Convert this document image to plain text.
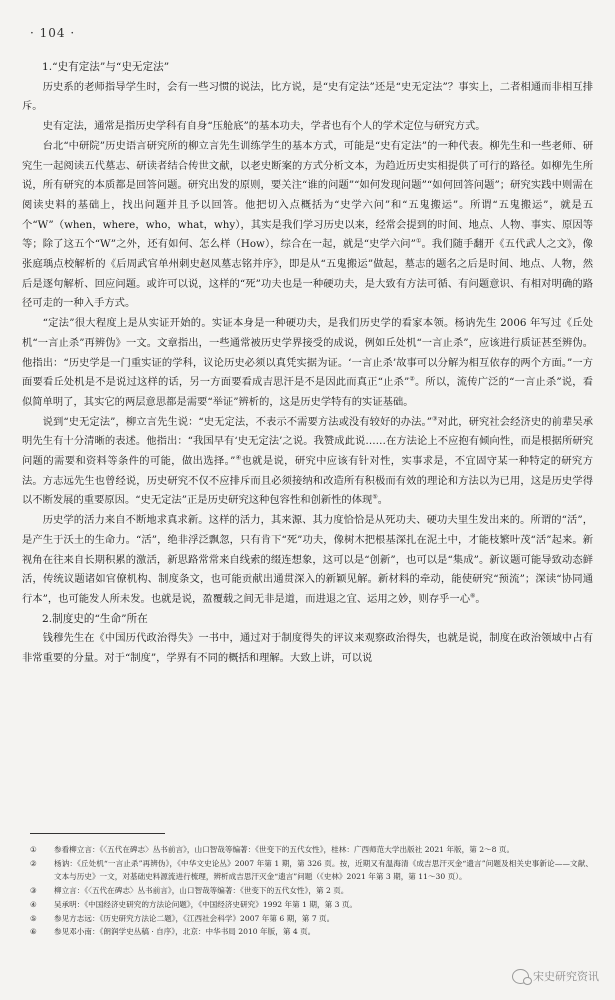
· 104 ·
1.“史有定法”与“史无定法”

历史系的老师指导学生时，会有一些习惯的说法，比方说，是“史有定法”还是“史无定法”？事实上，二者相通而非相互排斥。

史有定法，通常是指历史学科有自身“压舱底”的基本功夫，学者也有个人的学术定位与研究方式。

台北“中研院”历史语言研究所的柳立言先生训练学生的基本方式，可能是“史有定法”的一种代表。柳先生和一些老师、研究生一起阅读五代墓志、研读者结合传世文献，以老史断案的方式分析文本，为趋近历史实相提供了可行的路径。如柳先生所说，所有研究的本质都是回答问题。研究出发的原则，要关注“谁的问题”“如何发现问题”“如何回答问题”；研究实践中则需在阅读史料的基础上，找出问题并且予以回答。他把切入点概括为“史学六问”和“五鬼搬运”。所谓“五鬼搬运”，就是五个“W”（when，where，who，what，why），其实是我们学习历史以来，经常会提到的时间、地点、人物、事实、原因等等；除了这五个“W”之外，还有如何、怎么样（How），综合在一起，就是“史学六问”①。我们随手翻开《五代武人之文》，像张庭瑀点校解析的《后周武官单州刺史赵凤墓志铭并序》，即是从“五鬼搬运”做起，墓志的题名之后是时间、地点、人物，然后是逐句解析、回应问题。或许可以说，这样的“死”功夫也是一种硬功夫，是大致有方法可循、有问题意识、有相对明确的路径可走的一种入手方式。

“定法”很大程度上是从实证开始的。实证本身是一种硬功夫，是我们历史学的看家本领。杨讷先生 2006 年写过《丘处机“一言止杀”再辨伪》一文。文章指出，一些通常被历史学界接受的成说，例如丘处机“一言止杀”，应该进行质证甚至辨伪。他指出：“历史学是一门重实证的学科，议论历史必须以真凭实据为证。‘一言止杀’故事可以分解为相互依存的两个方面。”一方面要看丘处机是不是说过这样的话，另一方面要看成吉思汗是不是因此而真正“止杀”②。所以，流传广泛的“一言止杀”说，看似简单明了，其实它的两层意思都是需要“举证”辨析的，这是历史学特有的实证基础。

说到“史无定法”，柳立言先生说：“史无定法，不表示不需要方法或没有较好的办法。”③对此，研究社会经济史的前辈吴承明先生有十分清晰的表述。他指出：“我国早有‘史无定法’之说。我赞成此说……在方法论上不应抱有倾向性，而是根据所研究问题的需要和资料等条件的可能，做出选择。”④也就是说，研究中应该有针对性，实事求是，不宜固守某一种特定的研究方法。方志远先生也曾经说，历史研究不仅不应排斥而且必须接纳和改造所有积极而有效的理论和方法以为已用，这是历史学得以不断发展的重要原因。“史无定法”正是历史研究这种包容性和创新性的体现⑤。

历史学的活力来自不断地求真求新。这样的活力，其来源、其力度恰恰是从死功夫、硬功夫里生发出来的。所谓的“活”，是产生于沃土的生命力。“活”，绝非浮泛飘忽，只有肯下“死”功夫，像树木把根基深扎在泥土中，才能枝繁叶茂“活”起来。新视角在往来自长期积累的激活，新思路常常来自线索的缀连想象，这可以是“创新”，也可以是“集成”。新议题可能导致动态鲜活，传统议题诸如官僚机构、制度条文，也可能贡献出通贯深入的新颖见解。新材料的牵动，能使研究“预流”；深读“协同通行本”，也可能发人所未发。也就是说，盈覆载之间无非是道，而进退之宜、运用之妙，则存乎一心⑥。

2.制度史的“生命”所在

钱穆先生在《中国历代政治得失》一书中，通过对于制度得失的评议来观察政治得失，也就是说，制度在政治领域中占有非常重要的分量。对于“制度”，学界有不同的概括和理解。大致上讲，可以说

①	参看柳立言：《〈五代在碑志〉丛书前言》，山口智哉等编著：《世变下的五代女性》，桂林：广西师范大学出版社 2021 年版，第 2～8 页。
②	杨讷：《丘处机“一言止杀”再辨伪》，《中华文史论丛》2007 年第 1 期，第 326 页。按，近期又有温海清《成吉思汗灭金“遗言”问题及相关史事新论——文献、文本与历史》一文，对基础史料源流进行梳理，辨析成吉思汗灭金“遗言”问题（《史林》2021 年第 3 期，第 11～30 页）。
③	柳立言：《〈五代在碑志〉丛书前言》，山口智哉等编著：《世变下的五代女性》，第 2 页。
④	吴承明：《中国经济史研究的方法论问题》，《中国经济史研究》1992 年第 1 期，第 3 页。
⑤	参见方志远：《历史研究方法论二题》，《江西社会科学》2007 年第 6 期，第 7 页。
⑥	参见邓小南：《朗润学史丛稿 · 自序》，北京：中华书局 2010 年版，第 4 页。
宋史研究资讯
